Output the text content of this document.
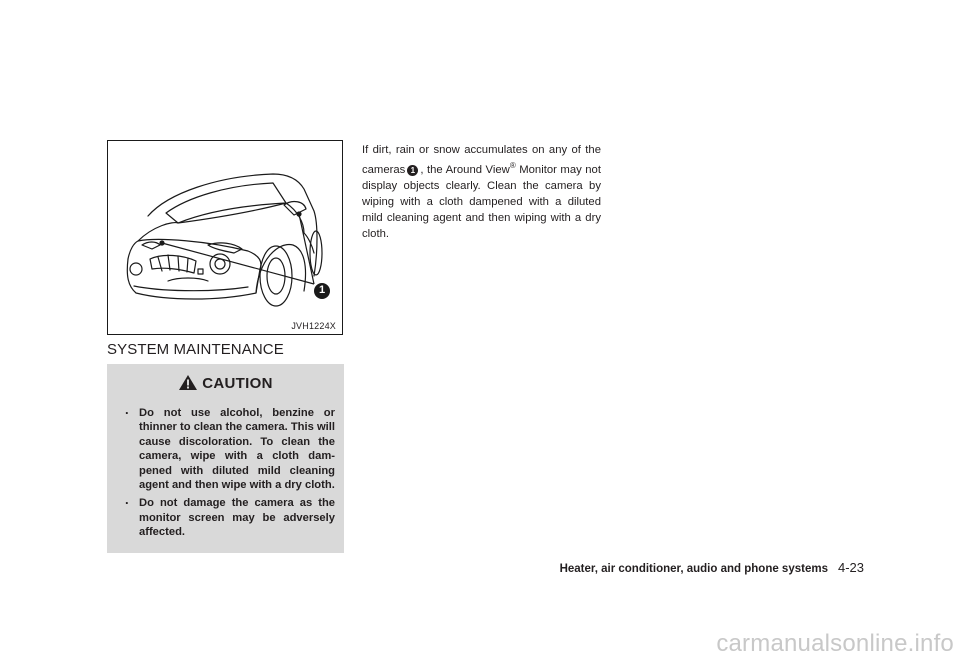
1
JVH1224X
SYSTEM MAINTENANCE
CAUTION
. Do not use alcohol, benzine or thinner to clean the camera. This will cause discoloration. To clean the camera, wipe with a cloth dam-pened with diluted mild cleaning agent and then wipe with a dry cloth.
. Do not damage the camera as the monitor screen may be adversely affected.

If dirt, rain or snow accumulates on any of the cameras 1 , the Around View® Monitor may not display objects clearly. Clean the camera by wiping with a cloth dampened with a diluted mild cleaning agent and then wiping with a dry cloth.

Heater, air conditioner, audio and phone systems 4-23
carmanualsonline.info
